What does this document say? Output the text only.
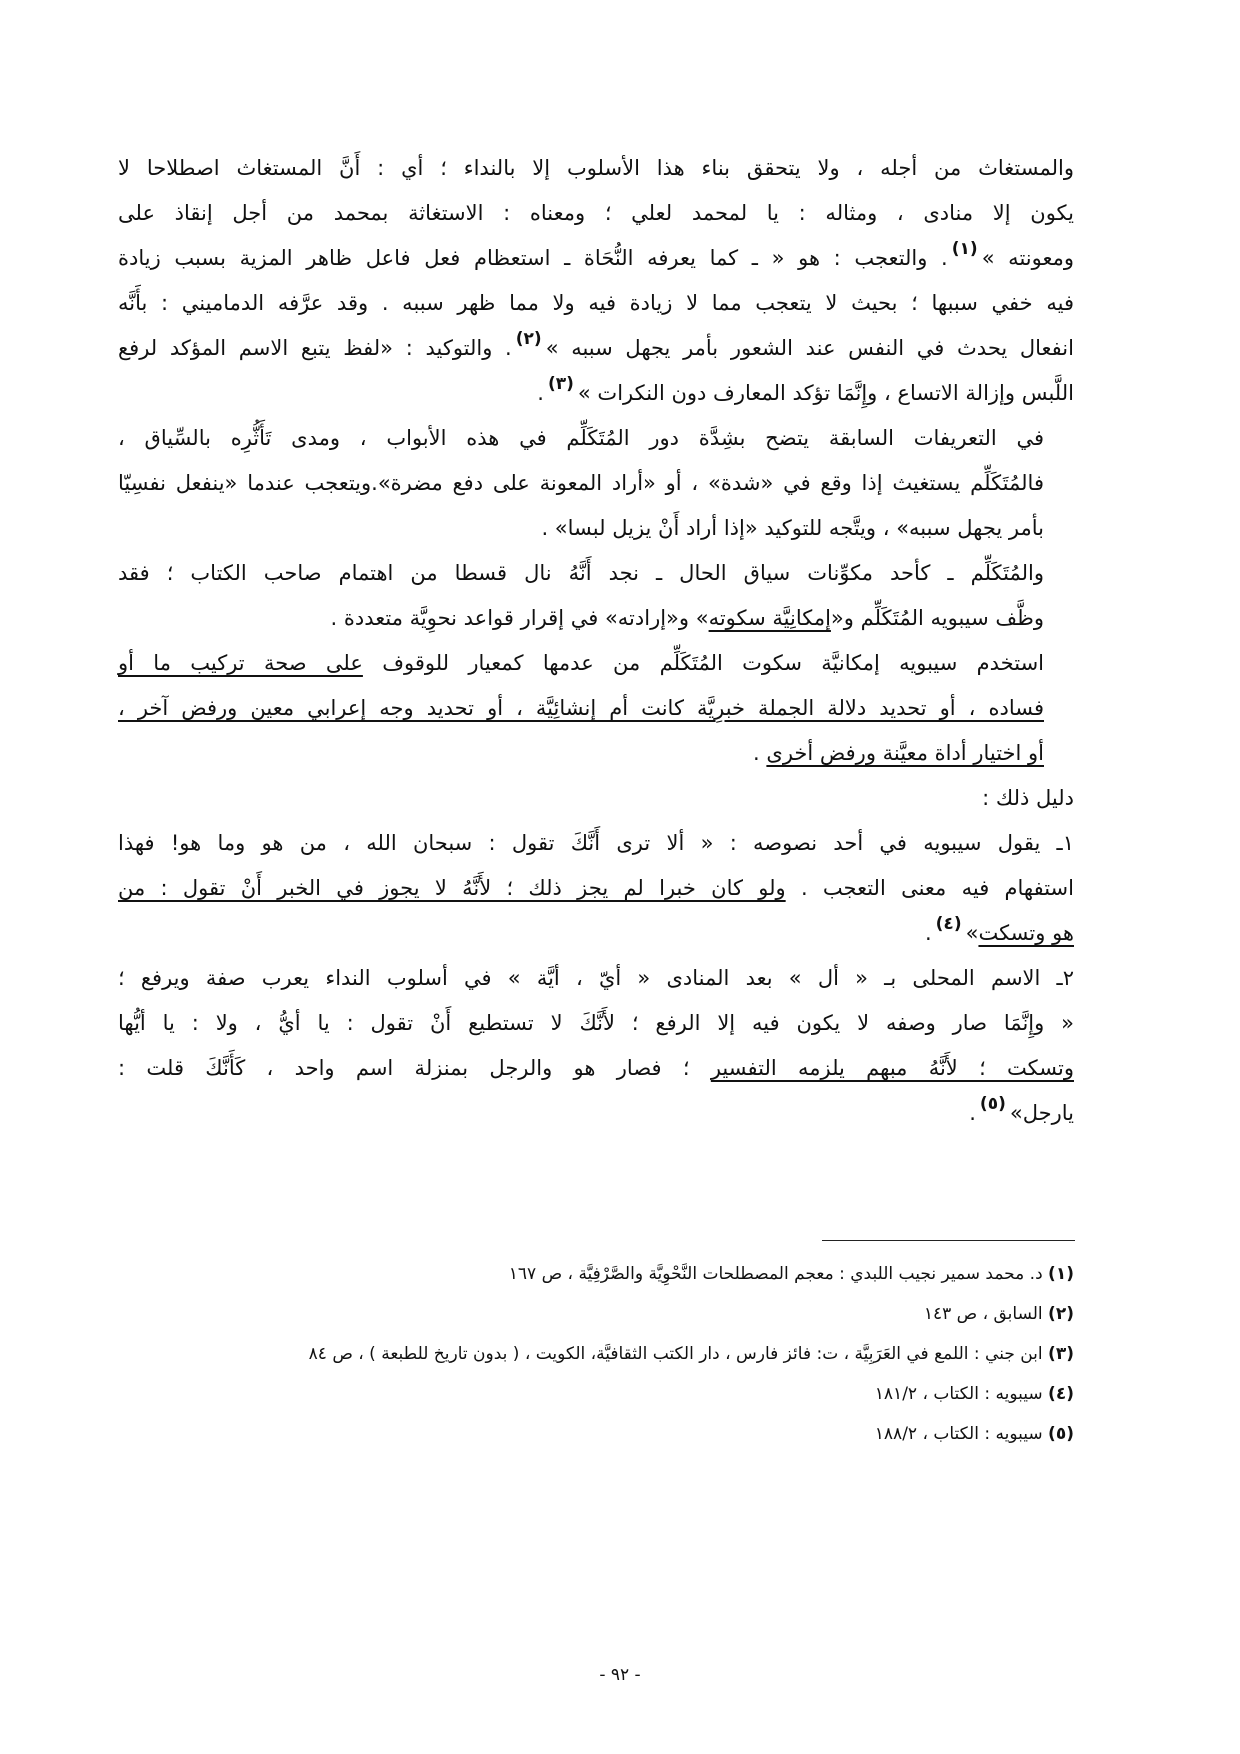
والمستغاث من أجله ، ولا يتحقق بناء هذا الأسلوب إلا بالنداء ؛ أي : أَنَّ المستغاث اصطلاحا لا
يكون إلا منادى ، ومثاله : يا لمحمد لعلي ؛ ومعناه : الاستغاثة بمحمد من أجل إنقاذ على
ومعونته »$^{(١)}$. والتعجب : هو « ـ كما يعرفه النُّحَاة ـ استعظام فعل فاعل ظاهر المزية بسبب زيادة
فيه خفي سببها ؛ بحيث لا يتعجب مما لا زيادة فيه ولا مما ظهر سببه . وقد عرَّفه الدماميني : بأَنَّه
انفعال يحدث في النفس عند الشعور بأمر يجهل سببه »$^{(٢)}$. والتوكيد : «لفظ يتبع الاسم المؤكد لرفع
اللَّبس وإزالة الاتساع ، وإِنَّمَا تؤكد المعارف دون النكرات »$^{(٣)}$.

في التعريفات السابقة يتضح بشِدَّة دور المُتَكَلِّم في هذه الأبواب ، ومدى تَأَثُّرِه بالسِّياق ،
فالمُتَكَلِّم يستغيث إذا وقع في «شدة» ، أو «أراد المعونة على دفع مضرة».ويتعجب عندما «ينفعل نفسِيّا
بأمر يجهل سببه» ، ويتَّجه للتوكيد «إذا أراد أَنْ يزيل لبسا» .

والمُتَكَلِّم ـ كأحد مكوِّنات سياق الحال ـ نجد أَنَّهُ نال قسطا من اهتمام صاحب الكتاب ؛ فقد
وظَّف سيبويه المُتَكَلِّم و«إمكانِيَّة سكوته» و«إرادته» في إقرار قواعد نحوِيَّة متعددة .

استخدم سيبويه إمكانيَّة سكوت المُتَكَلِّم من عدمها كمعيار للوقوف على صحة تركيب ما أو
فساده ، أو تحديد دلالة الجملة خبرِيَّة كانت أم إنشائِيَّة ، أو تحديد وجه إعرابي معين ورفض آخر ،
أو اختيار أداة معيَّنة ورفض أخرى .

دليل ذلك :

١ـ يقول سيبويه في أحد نصوصه : « ألا ترى أَنَّكَ تقول : سبحان الله ، من هو وما هو! فهذا
استفهام فيه معنى التعجب . ولو كان خبرا لم يجز ذلك ؛ لأَنَّهُ لا يجوز في الخبر أَنْ تقول : من
هو وتسكت»$^{(٤)}$.

٢ـ الاسم المحلى بـ « أل » بعد المنادى « أيّ ، أيَّة » في أسلوب النداء يعرب صفة ويرفع ؛
« وإِنَّمَا صار وصفه لا يكون فيه إلا الرفع ؛ لأَنَّكَ لا تستطيع أَنْ تقول : يا أيُّ ، ولا : يا أيُّها
وتسكت ؛ لأَنَّهُ مبهم يلزمه التفسير ؛ فصار هو والرجل بمنزلة اسم واحد ، كَأَنَّكَ قلت :
يارجل»$^{(٥)}$.

(١) د. محمد سمير نجيب اللبدي : معجم المصطلحات النَّحْوِيَّة والصَّرْفِيَّة ، ص ١٦٧
(٢) السابق ، ص ١٤٣
(٣) ابن جني : اللمع في العَرَبِيَّة ، ت: فائز فارس ، دار الكتب الثقافيَّة، الكويت ، ( بدون تاريخ للطبعة ) ، ص ٨٤
(٤) سيبويه : الكتاب ، ١٨١/٢
(٥) سيبويه : الكتاب ، ١٨٨/٢
- ٩٢ -
